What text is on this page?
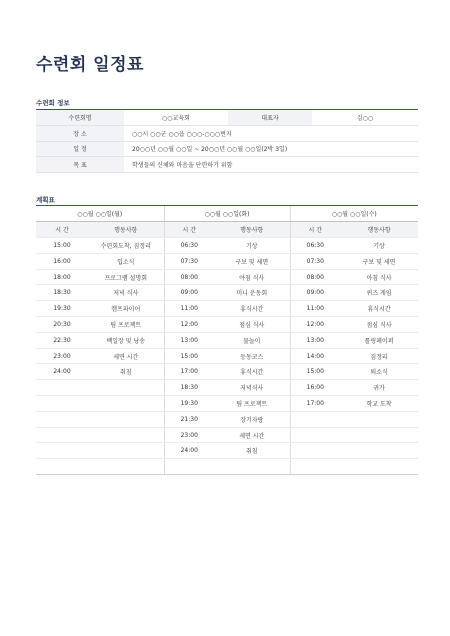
수련회 일정표
수련회 정보
수련회명	○○교육회	대표자	김○○
장 소	○○시 ○○군 ○○읍 ○○○-○○○번지		
일 정	20○○년 ○○월 ○○일 ~ 20○○년 ○○월 ○○일(2박 3일)		
목 표	학생들의 신체와 마음을 단련하기 위함		
계획표
○○월 ○○일(월)		○○월 ○○일(화)		○○월 ○○일(수)	
시 간	행동사항	시 간	행동사항	시 간	행동사항
15:00	수련회도착, 짐정리	06:30	기상	06:30	기상
16:00	입소식	07:30	구보 및 세면	07:30	구보 및 세면
18:00	프로그램 설명회	08:00	아침 식사	08:00	아침 식사
18:30	저녁 식사	09:00	미니 운동회	09:00	퀴즈 게임
19:30	캠프파이어	11:00	휴식시간	11:00	휴식시간
20:30	팀 프로젝트	12:00	점심 식사	12:00	점심 식사
22:30	백일장 및 낭송	13:00	물놀이	13:00	롤링페이퍼
23:00	세면 시간	15:00	등동코스	14:00	짐정리
24:00	취침	17:00	휴식시간	15:00	퇴소식
		18:30	저녁식사	16:00	귀가
		19:30	팀 프로젝트	17:00	학교 도착
		21:30	장기자랑		
		23:00	세면 시간		
		24:00	취침		
